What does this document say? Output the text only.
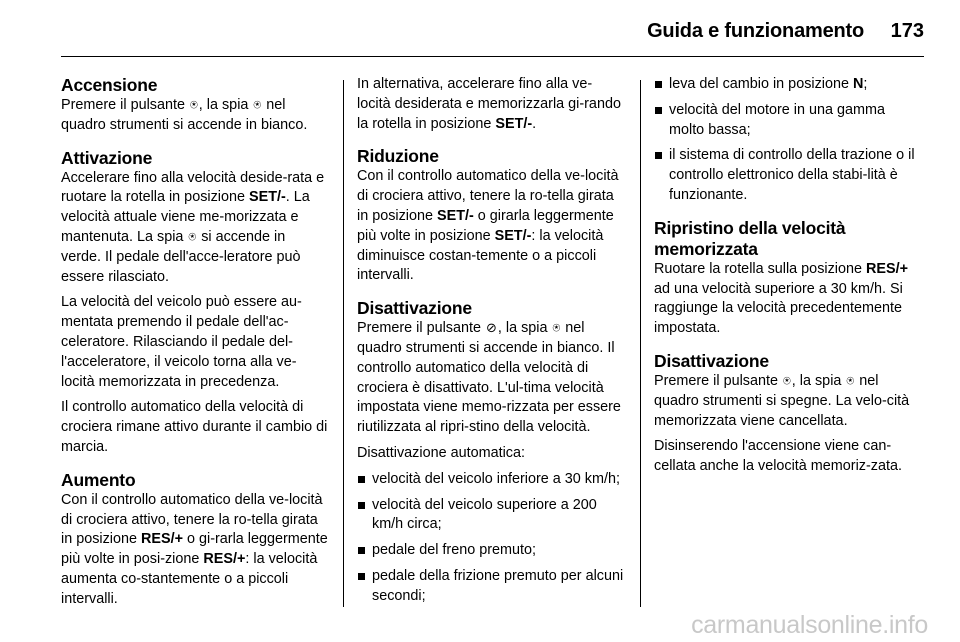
Guida e funzionamento 173
Accensione

Premere il pulsante ⍟, la spia ⍟ nel quadro strumenti si accende in bianco.

Attivazione

Accelerare fino alla velocità deside-rata e ruotare la rotella in posizione SET/-. La velocità attuale viene me-morizzata e mantenuta. La spia ⍟ si accende in verde. Il pedale dell'acce-leratore può essere rilasciato.

La velocità del veicolo può essere au-mentata premendo il pedale dell'ac-celeratore. Rilasciando il pedale del-l'acceleratore, il veicolo torna alla ve-locità memorizzata in precedenza.

Il controllo automatico della velocità di crociera rimane attivo durante il cambio di marcia.

Aumento

Con il controllo automatico della ve-locità di crociera attivo, tenere la ro-tella girata in posizione RES/+ o gi-rarla leggermente più volte in posi-zione RES/+: la velocità aumenta co-stantemente o a piccoli intervalli.

In alternativa, accelerare fino alla ve-locità desiderata e memorizzarla gi-rando la rotella in posizione SET/-.

Riduzione

Con il controllo automatico della ve-locità di crociera attivo, tenere la ro-tella girata in posizione SET/- o girarla leggermente più volte in posizione SET/-: la velocità diminuisce costan-temente o a piccoli intervalli.

Disattivazione

Premere il pulsante ⊘, la spia ⍟ nel quadro strumenti si accende in bianco. Il controllo automatico della velocità di crociera è disattivato. L'ul-tima velocità impostata viene memo-rizzata per essere riutilizzata al ripri-stino della velocità.

Disattivazione automatica:

velocità del veicolo inferiore a 30 km/h;
velocità del veicolo superiore a 200 km/h circa;
pedale del freno premuto;
pedale della frizione premuto per alcuni secondi;
leva del cambio in posizione N;
velocità del motore in una gamma molto bassa;
il sistema di controllo della trazione o il controllo elettronico della stabi-lità è funzionante.
Ripristino della velocità memorizzata

Ruotare la rotella sulla posizione RES/+ ad una velocità superiore a 30 km/h. Si raggiunge la velocità precedentemente impostata.

Disattivazione

Premere il pulsante ⍟, la spia ⍟ nel quadro strumenti si spegne. La velo-cità memorizzata viene cancellata.

Disinserendo l'accensione viene can-cellata anche la velocità memoriz-zata.

carmanualsonline.info
